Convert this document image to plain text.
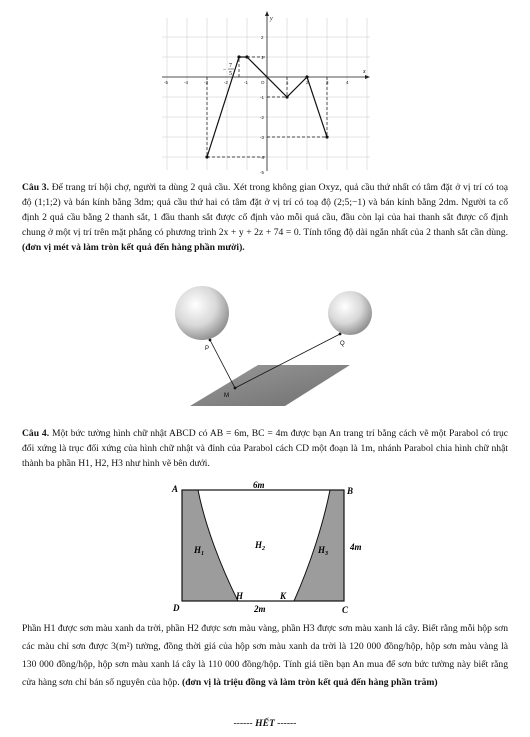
y
x
-5	-4	-3	-2	-1	1	2	3	4
2
1
-1
-2
-3
-4
-5
O
−
7
5

Câu 3. Để trang trí hội chợ, người ta dùng 2 quả cầu. Xét trong không gian Oxyz, quả cầu thứ nhất có tâm đặt ở vị trí có toạ độ (1;1;2) và bán kính bằng 3dm; quả cầu thứ hai có tâm đặt ở vị trí có toạ độ (2;5;−1) và bán kính bằng 2dm. Người ta cố định 2 quả cầu bằng 2 thanh sắt, 1 đầu thanh sắt được cố định vào mỗi quả cầu, đầu còn lại của hai thanh sắt được cố định chung ở một vị trí trên mặt phẳng có phương trình 2x + y + 2z + 74 = 0. Tính tổng độ dài ngắn nhất của 2 thanh sắt cần dùng. (đơn vị mét và làm tròn kết quả đến hàng phần mười).

P
Q
M

Câu 4. Một bức tường hình chữ nhật ABCD có AB = 6m, BC = 4m được bạn An trang trí bằng cách vẽ một Parabol có trục đối xứng là trục đối xứng của hình chữ nhật và đỉnh của Parabol cách CD một đoạn là 1m, nhánh Parabol chia hình chữ nhật thành ba phần H1, H2, H3 như hình vẽ bên dưới.

A	B
C
D
H	K
6m
4m
2m
$H_1$
$H_2$	$H_3$

Phần H1 được sơn màu xanh da trời, phần H2 được sơn màu vàng, phần H3 được sơn màu xanh lá cây. Biết rằng mỗi hộp sơn các màu chỉ sơn được 3(m²) tường, đồng thời giá của hộp sơn màu xanh da trời là 120 000 đồng/hộp, hộp sơn màu vàng là 130 000 đồng/hộp, hộp sơn màu xanh lá cây là 110 000 đồng/hộp. Tính giá tiền bạn An mua để sơn bức tường này biết rằng cửa hàng sơn chỉ bán số nguyên của hộp. (đơn vị là triệu đồng và làm tròn kết quả đến hàng phần trăm)

------ HẾT ------
